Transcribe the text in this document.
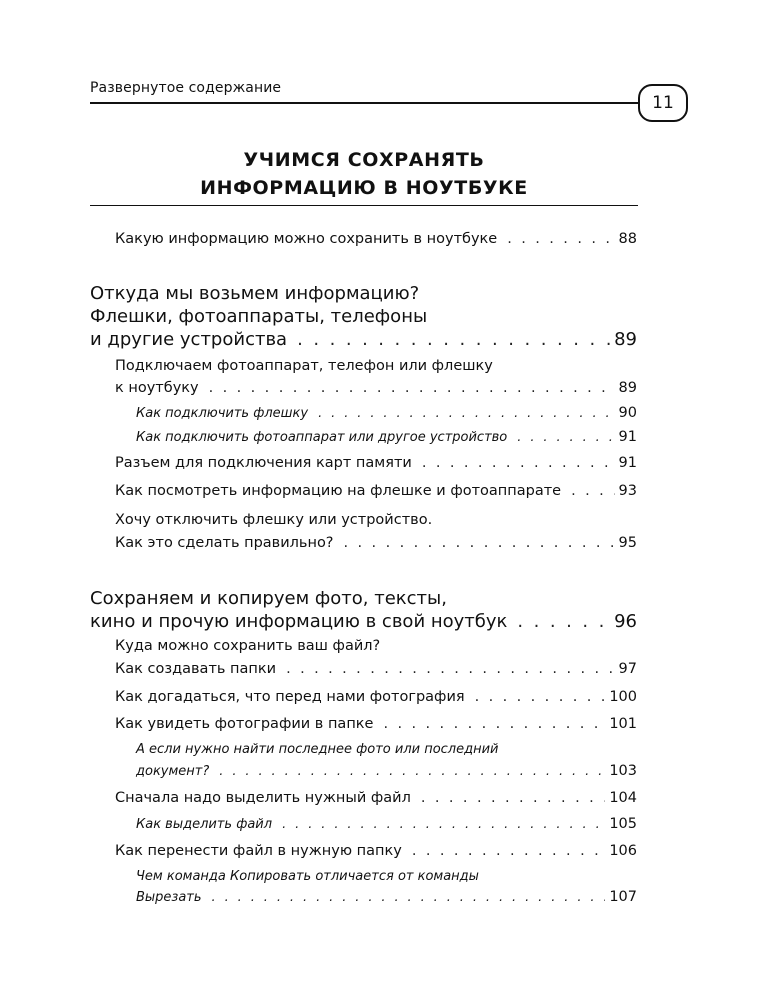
Развернутое содержание
11
УЧИМСЯ СОХРАНЯТЬ
ИНФОРМАЦИЮ В НОУТБУКЕ
Какую информацию можно сохранить в ноутбуке . . .	88
Откуда мы возьмем информацию?
Флешки, фотоаппараты, телефоны
и другие устройства . . .	89
Подключаем фотоаппарат, телефон или флешку
к ноутбуку . . .	89
Как подключить флешку . . .	90
Как подключить фотоаппарат или другое устройство . . .	91
Разъем для подключения карт памяти . . .	91
Как посмотреть информацию на флешке и фотоаппарате . . .	93
Хочу отключить флешку или устройство.
Как это сделать правильно? . . .	95
Сохраняем и копируем фото, тексты,
кино и прочую информацию в свой ноутбук . . .	96
Куда можно сохранить ваш файл?
Как создавать папки . . .	97
Как догадаться, что перед нами фотография . . .	100
Как увидеть фотографии в папке . . .	101
А если нужно найти последнее фото или последний
документ? . . .	103
Сначала надо выделить нужный файл . . .	104
Как выделить файл . . .	105
Как перенести файл в нужную папку . . .	106
Чем команда Копировать отличается от команды
Вырезать . . .	107
